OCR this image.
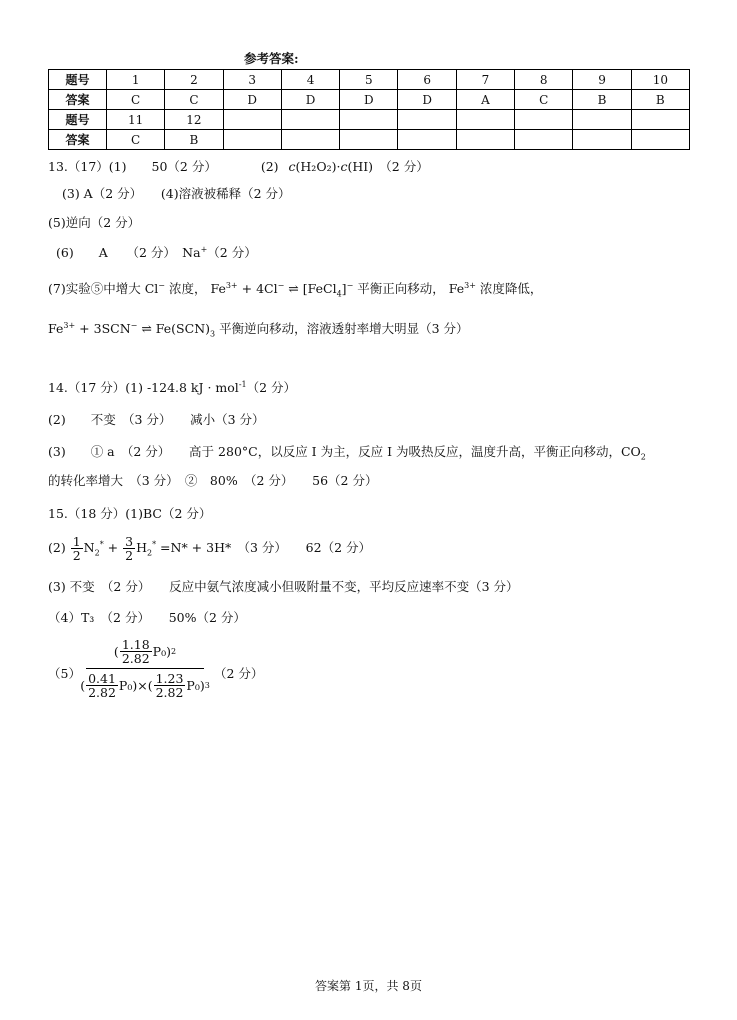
参考答案:
题号	1	2	3	4	5	6	7	8	9	10
答案	C	C	D	D	D	D	A	C	B	B
题号	11	12								
答案	C	B								
13.（17）(1)　　50（2 分）	(2) c(H₂O₂)·c(HI)　（2 分）
(3) A（2 分）　　(4)溶液被稀释（2 分）
(5)逆向（2 分）
(6)　　A　　（2 分）　Na+（2 分）
(7)实验⑤中增大 Cl− 浓度， $Fe^{3+} + 4Cl^-$ ⇌ [FeCl$_4$]− 平衡正向移动， $Fe^{3+}$ 浓度降低，
$Fe^{3+} + 3SCN^-$ ⇌ $Fe(SCN)_3$ 平衡逆向移动，溶液透射率增大明显（3 分）
14.（17 分）(1) -124.8 kJ · mol$^{-1}$（2 分）
(2)　　不变　（3 分）　　减小（3 分）
(3)　　① a　（2 分）　　高于 280°C，以反应 I 为主，反应 I 为吸热反应，温度升高，平衡正向移动，$CO_2$
的转化率增大　（3 分）　②　80%　（2 分）　　56（2 分）
15.（18 分）(1)BC（2 分）
$(2) \frac{1}{2} N_2^* + \frac{3}{2} H_2^* =N* + 3H*$　（3 分）　　62（2 分）
(3) 不变　（2 分）　　反应中氨气浓度减小但吸附量不变，平均反应速率不变（3 分）
（4）T₃　（2 分）　　50%（2 分）
（5）
( $\frac{1.18}{2.82} P_0$ ) 2
( $\frac{0.41}{2.82} P_0$ )×( $\frac{1.23}{2.82} P_0$ ) 3
（2 分）
答案第 1页，共 8页
